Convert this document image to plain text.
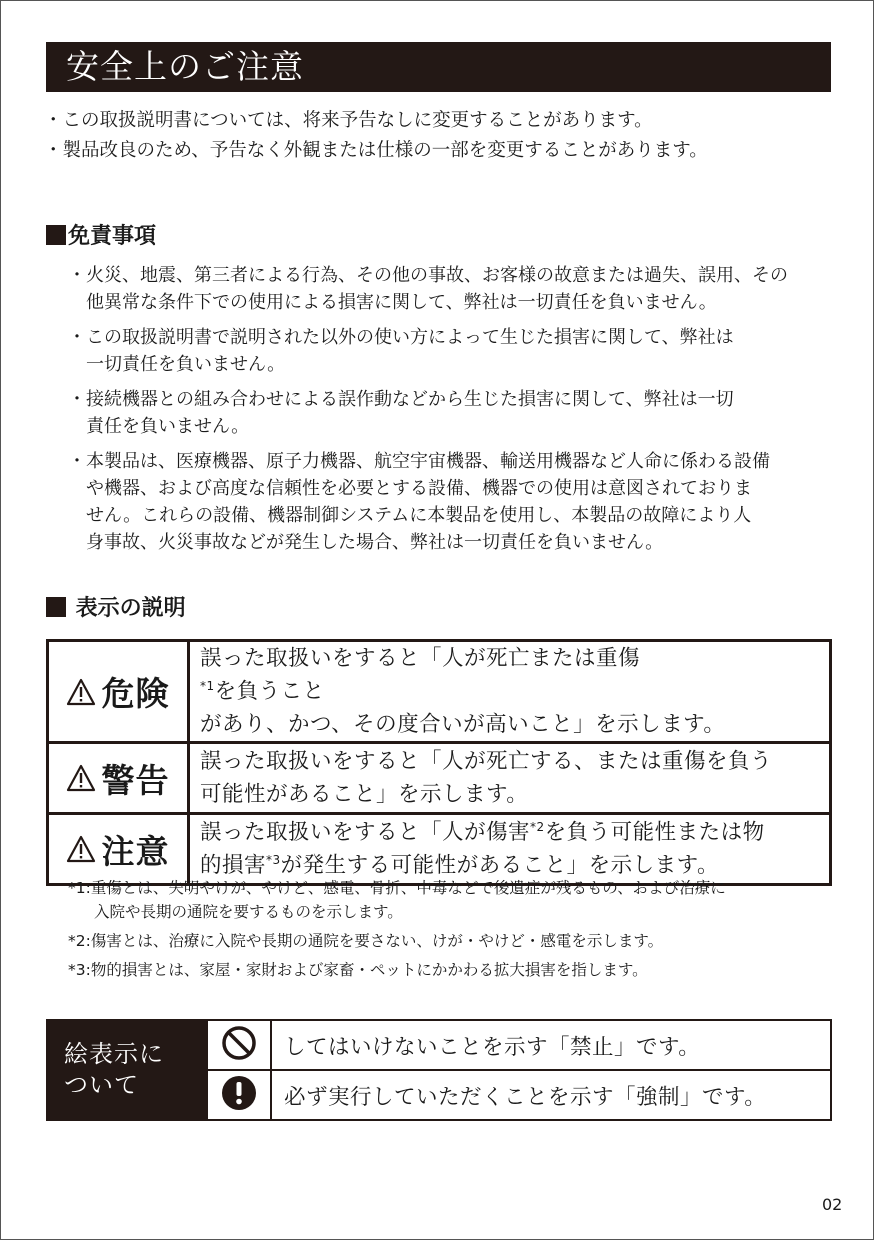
安全上のご注意
・この取扱説明書については、将来予告なしに変更することがあります。
・製品改良のため、予告なく外観または仕様の一部を変更することがあります。
免責事項
・ 火災、地震、第三者による行為、その他の事故、お客様の故意または過失、誤用、その
他異常な条件下での使用による損害に関して、弊社は一切責任を負いません。
・ この取扱説明書で説明された以外の使い方によって生じた損害に関して、弊社は
一切責任を負いません。
・ 接続機器との組み合わせによる誤作動などから生じた損害に関して、弊社は一切
責任を負いません。
・ 本製品は、医療機器、原子力機器、航空宇宙機器、輸送用機器など人命に係わる設備
や機器、および高度な信頼性を必要とする設備、機器での使用は意図されておりま
せん。これらの設備、機器制御システムに本製品を使用し、本製品の故障により人
身事故、火災事故などが発生した場合、弊社は一切責任を負いません。
表示の説明
危険	誤った取扱いをすると「人が死亡または重傷
$^{*1}$を負うこと
があり、かつ、その度合いが高いこと」を示します。

警告	誤った取扱いをすると「人が死亡する、または重傷を負う
可能性があること」を示します。

注意	誤った取扱いをすると「人が傷害$^{*2}$を負う可能性または物
的損害$^{*3}$が発生する可能性があること」を示します。
*1:重傷とは、失明やけが、やけど、感電、骨折、中毒などで後遺症が残るもの、および治療に
入院や長期の通院を要するものを示します。
*2:傷害とは、治療に入院や長期の通院を要さない、けが・やけど・感電を示します。
*3:物的損害とは、家屋・家財および家畜・ペットにかかわる拡大損害を指します。
絵表示に
ついて		してはいけないことを示す「禁止」です。
	必ず実行していただくことを示す「強制」です。
02
